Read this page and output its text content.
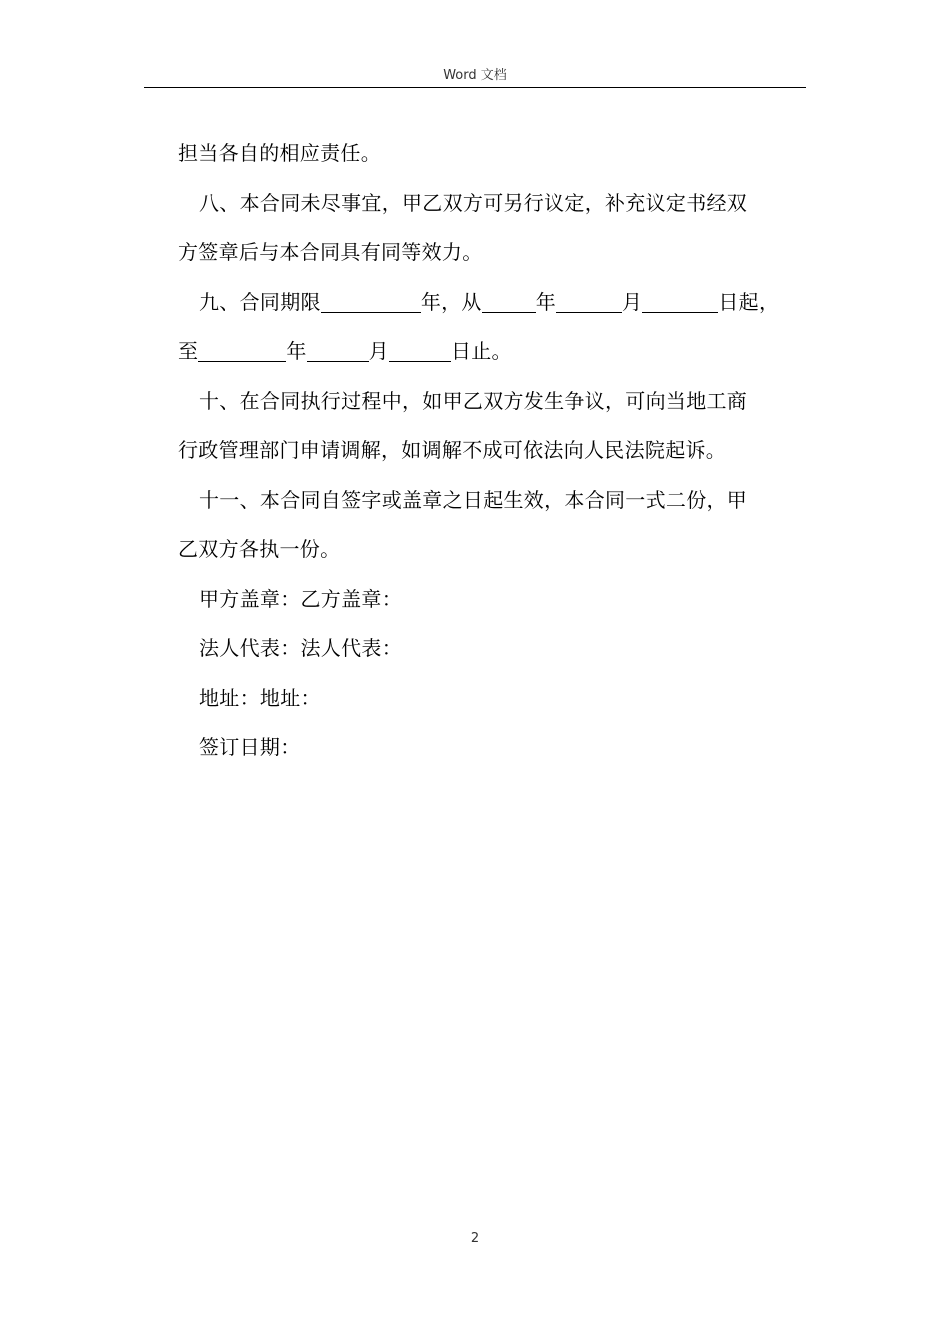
Word 文档
担当各自的相应责任。
八、本合同未尽事宜，甲乙双方可另行议定，补充议定书经双
方签章后与本合同具有同等效力。
九、合同期限	年，从	年	月	日起，
至	年	月	日止。
十、在合同执行过程中，如甲乙双方发生争议，可向当地工商
行政管理部门申请调解，如调解不成可依法向人民法院起诉。
十一、本合同自签字或盖章之日起生效，本合同一式二份，甲
乙双方各执一份。
甲方盖章：乙方盖章：
法人代表：法人代表：
地址：地址：
签订日期：
2
